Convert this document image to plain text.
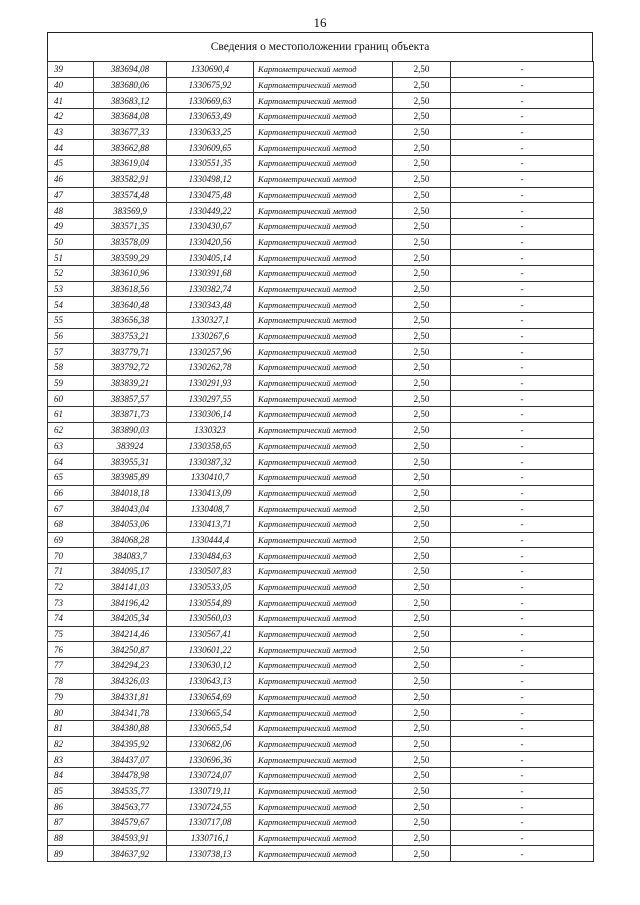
16
Сведения о местоположении границ объекта
39	383694,08	1330690,4	Картометрический метод	2,50	-
40	383680,06	1330675,92	Картометрический метод	2,50	-
41	383683,12	1330669,63	Картометрический метод	2,50	-
42	383684,08	1330653,49	Картометрический метод	2,50	-
43	383677,33	1330633,25	Картометрический метод	2,50	-
44	383662,88	1330609,65	Картометрический метод	2,50	-
45	383619,04	1330551,35	Картометрический метод	2,50	-
46	383582,91	1330498,12	Картометрический метод	2,50	-
47	383574,48	1330475,48	Картометрический метод	2,50	-
48	383569,9	1330449,22	Картометрический метод	2,50	-
49	383571,35	1330430,67	Картометрический метод	2,50	-
50	383578,09	1330420,56	Картометрический метод	2,50	-
51	383599,29	1330405,14	Картометрический метод	2,50	-
52	383610,96	1330391,68	Картометрический метод	2,50	-
53	383618,56	1330382,74	Картометрический метод	2,50	-
54	383640,48	1330343,48	Картометрический метод	2,50	-
55	383656,38	1330327,1	Картометрический метод	2,50	-
56	383753,21	1330267,6	Картометрический метод	2,50	-
57	383779,71	1330257,96	Картометрический метод	2,50	-
58	383792,72	1330262,78	Картометрический метод	2,50	-
59	383839,21	1330291,93	Картометрический метод	2,50	-
60	383857,57	1330297,55	Картометрический метод	2,50	-
61	383871,73	1330306,14	Картометрический метод	2,50	-
62	383890,03	1330323	Картометрический метод	2,50	-
63	383924	1330358,65	Картометрический метод	2,50	-
64	383955,31	1330387,32	Картометрический метод	2,50	-
65	383985,89	1330410,7	Картометрический метод	2,50	-
66	384018,18	1330413,09	Картометрический метод	2,50	-
67	384043,04	1330408,7	Картометрический метод	2,50	-
68	384053,06	1330413,71	Картометрический метод	2,50	-
69	384068,28	1330444,4	Картометрический метод	2,50	-
70	384083,7	1330484,63	Картометрический метод	2,50	-
71	384095,17	1330507,83	Картометрический метод	2,50	-
72	384141,03	1330533,05	Картометрический метод	2,50	-
73	384196,42	1330554,89	Картометрический метод	2,50	-
74	384205,34	1330560,03	Картометрический метод	2,50	-
75	384214,46	1330567,41	Картометрический метод	2,50	-
76	384250,87	1330601,22	Картометрический метод	2,50	-
77	384294,23	1330630,12	Картометрический метод	2,50	-
78	384326,03	1330643,13	Картометрический метод	2,50	-
79	384331,81	1330654,69	Картометрический метод	2,50	-
80	384341,78	1330665,54	Картометрический метод	2,50	-
81	384380,88	1330665,54	Картометрический метод	2,50	-
82	384395,92	1330682,06	Картометрический метод	2,50	-
83	384437,07	1330696,36	Картометрический метод	2,50	-
84	384478,98	1330724,07	Картометрический метод	2,50	-
85	384535,77	1330719,11	Картометрический метод	2,50	-
86	384563,77	1330724,55	Картометрический метод	2,50	-
87	384579,67	1330717,08	Картометрический метод	2,50	-
88	384593,91	1330716,1	Картометрический метод	2,50	-
89	384637,92	1330738,13	Картометрический метод	2,50	-
